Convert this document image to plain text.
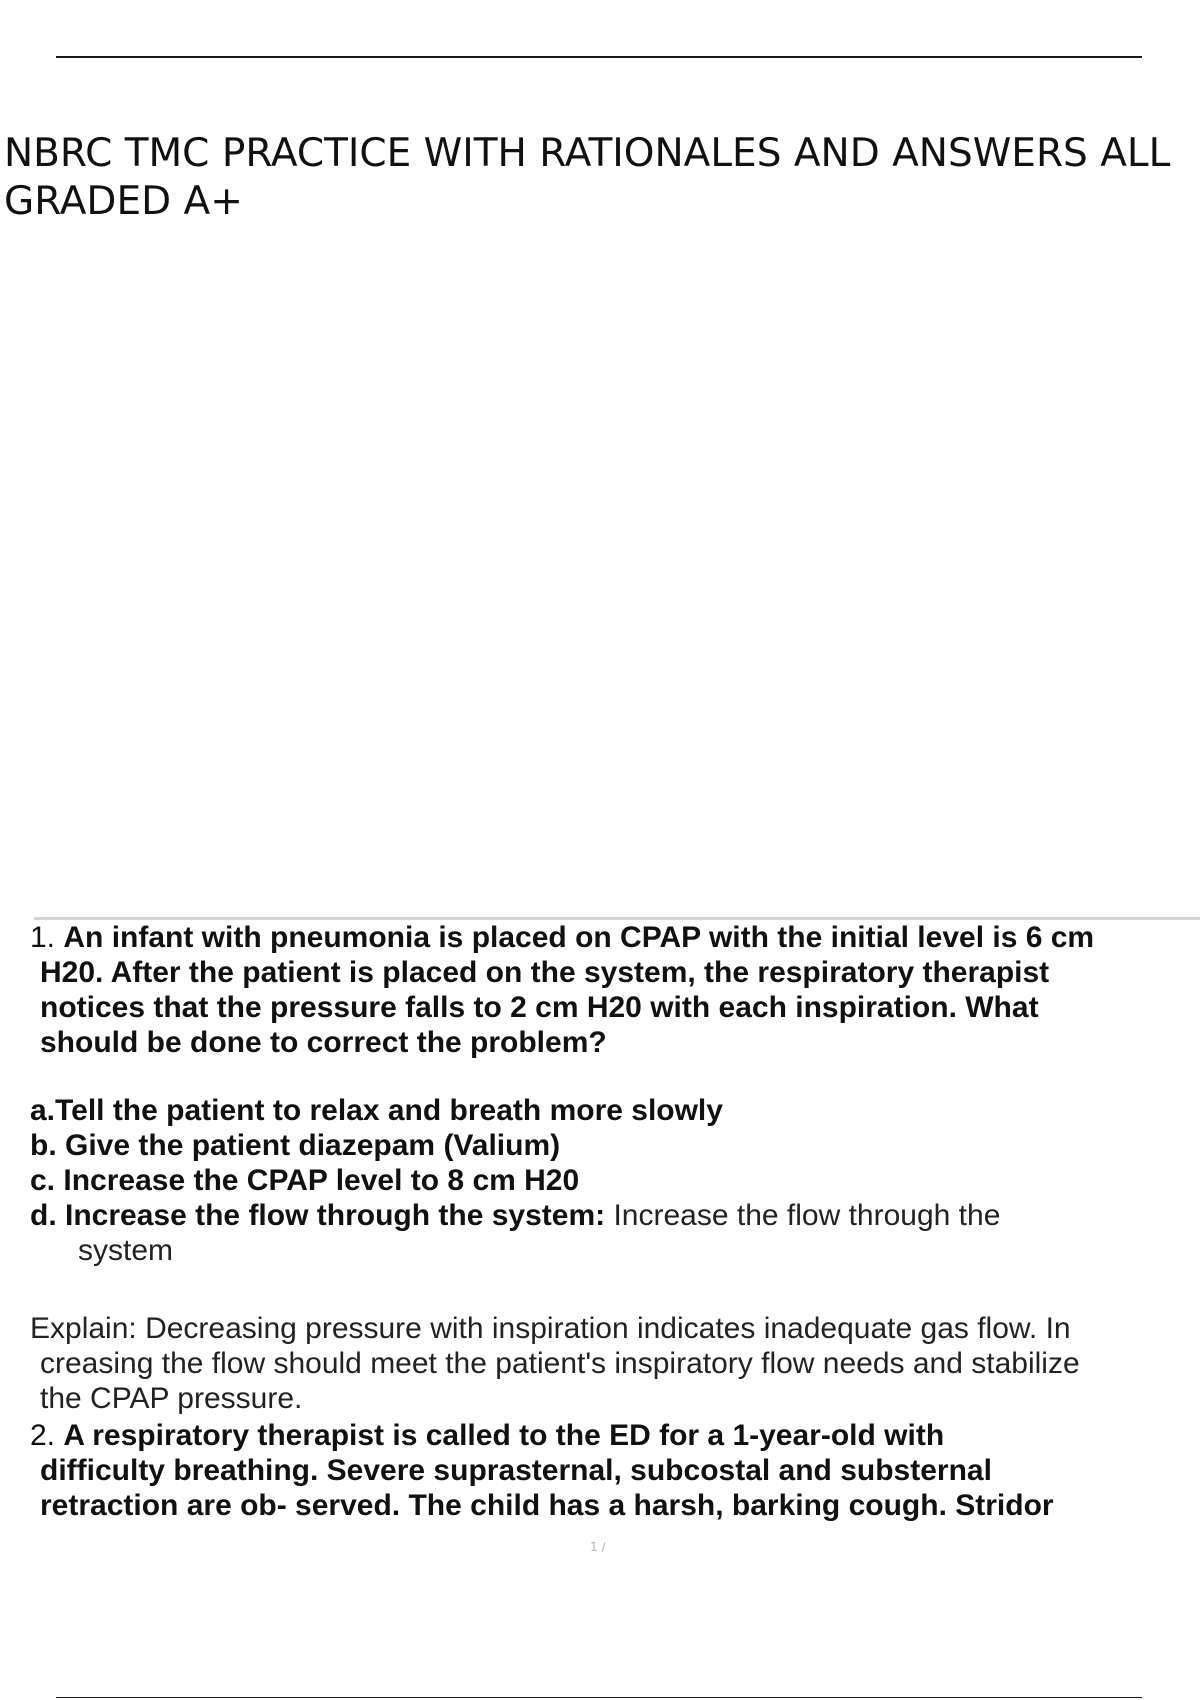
NBRC TMC PRACTICE WITH RATIONALES AND ANSWERS ALL
GRADED A+

1. An infant with pneumonia is placed on CPAP with the initial level is 6 cm

H20. After the patient is placed on the system, the respiratory therapist

notices that the pressure falls to 2 cm H20 with each inspiration. What

should be done to correct the problem?

a.Tell the patient to relax and breath more slowly
b. Give the patient diazepam (Valium)
c. Increase the CPAP level to 8 cm H20
d. Increase the flow through the system: Increase the flow through the
system
Explain: Decreasing pressure with inspiration indicates inadequate gas flow. In
creasing the flow should meet the patient's inspiratory flow needs and stabilize
the CPAP pressure.

2. A respiratory therapist is called to the ED for a 1-year-old with

difficulty breathing. Severe suprasternal, subcostal and substernal

retraction are ob- served. The child has a harsh, barking cough. Stridor

1 /
